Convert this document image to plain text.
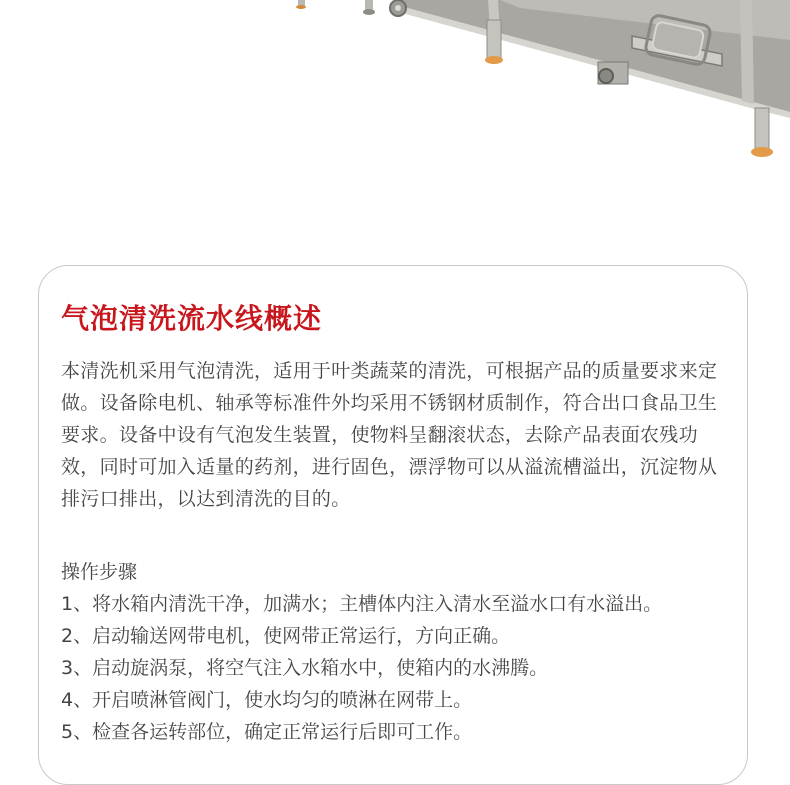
气泡清洗流水线概述

本清洗机采用气泡清洗，适用于叶类蔬菜的清洗，可根据产品的质量要求来定做。设备除电机、轴承等标准件外均采用不锈钢材质制作，符合出口食品卫生要求。设备中设有气泡发生装置，使物料呈翻滚状态，去除产品表面农残功效，同时可加入适量的药剂，进行固色，漂浮物可以从溢流槽溢出，沉淀物从排污口排出，以达到清洗的目的。

操作步骤

1、将水箱内清洗干净，加满水；主槽体内注入清水至溢水口有水溢出。
2、启动输送网带电机，使网带正常运行，方向正确。
3、启动旋涡泵，将空气注入水箱水中，使箱内的水沸腾。
4、开启喷淋管阀门，使水均匀的喷淋在网带上。
5、检查各运转部位，确定正常运行后即可工作。
